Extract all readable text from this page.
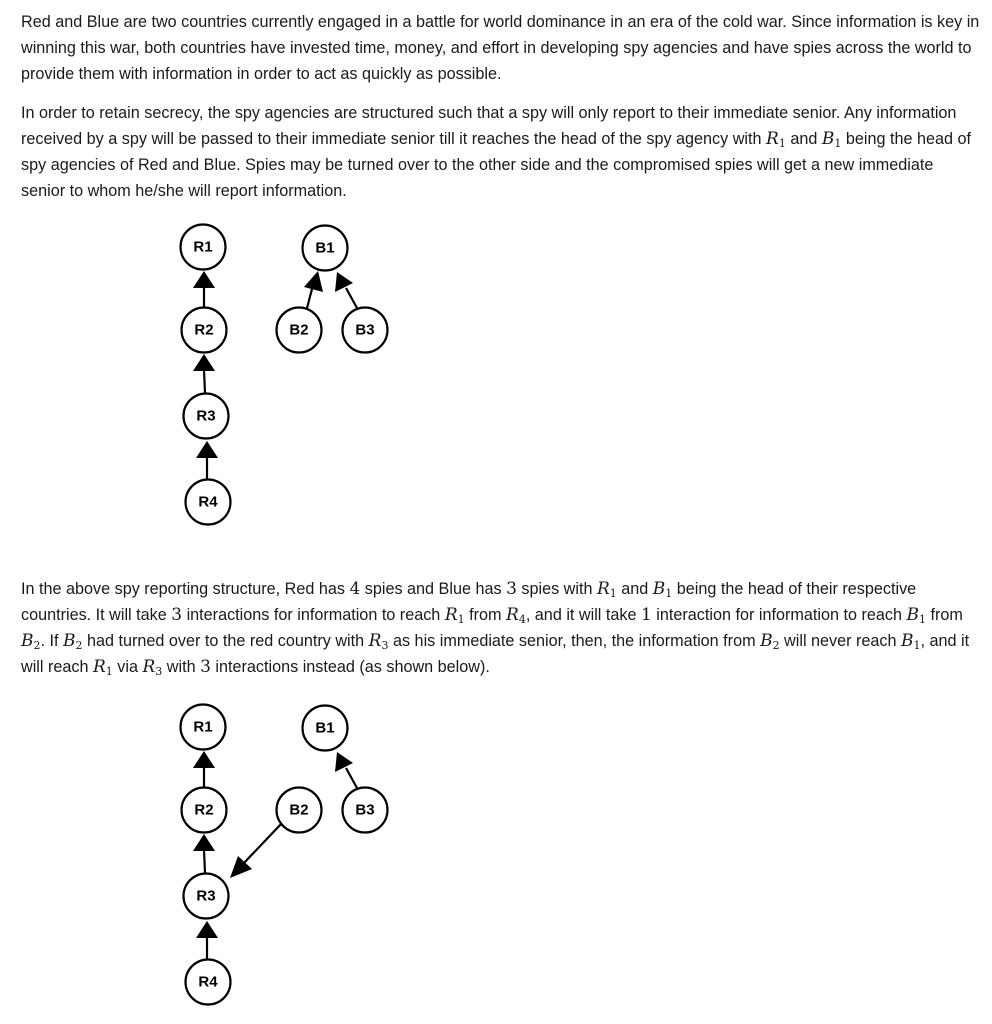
Red and Blue are two countries currently engaged in a battle for world dominance in an era of the cold war. Since information is key in winning this war, both countries have invested time, money, and effort in developing spy agencies and have spies across the world to provide them with information in order to act as quickly as possible.

In order to retain secrecy, the spy agencies are structured such that a spy will only report to their immediate senior. Any information received by a spy will be passed to their immediate senior till it reaches the head of the spy agency with $R_1$ and $B_1$ being the head of spy agencies of Red and Blue. Spies may be turned over to the other side and the compromised spies will get a new immediate senior to whom he/she will report information.

R1
R2
R3
R4
B1
B2	B3

In the above spy reporting structure, Red has 4 spies and Blue has 3 spies with $R_1$ and $B_1$ being the head of their respective countries. It will take 3 interactions for information to reach $R_1$ from $R_4$, and it will take 1 interaction for information to reach $B_1$ from $B_2$. If $B_2$ had turned over to the red country with $R_3$ as his immediate senior, then, the information from $B_2$ will never reach $B_1$, and it will reach $R_1$ via $R_3$ with 3 interactions instead (as shown below).

R1
R2
R3
R4
B1
B2	B3
